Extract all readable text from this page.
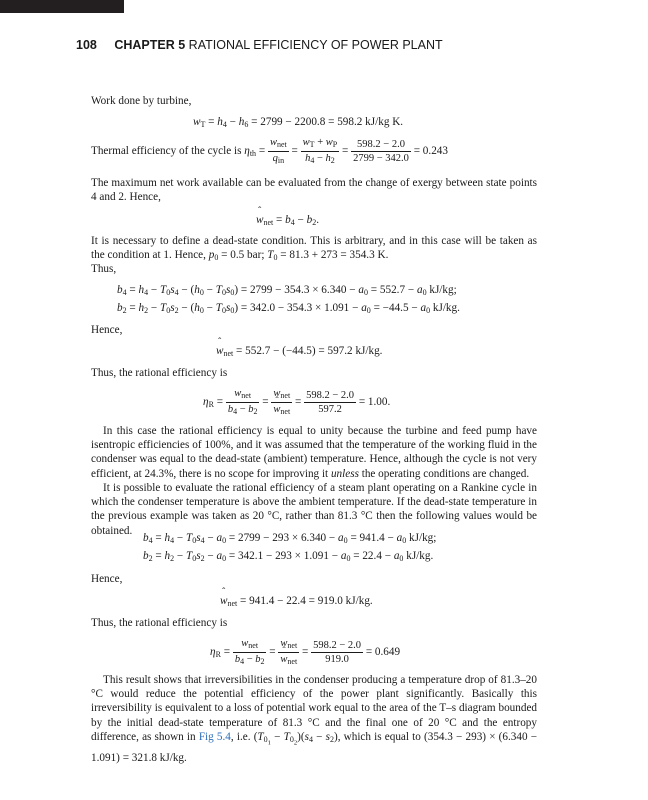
108 CHAPTER 5 RATIONAL EFFICIENCY OF POWER PLANT
Work done by turbine,
$w_T = h_4 - h_6 = 2799 - 2200.8 = 598.2$ kJ/kg K.
Thermal efficiency of the cycle is $\eta_{th} = \frac{w_{net}}{q_{in}} = \frac{w_T + w_P}{h_4 - h_2} = \frac{598.2 - 2.0}{2799 - 342.0} = 0.243$
The maximum net work available can be evaluated from the change of exergy between state points 4 and 2. Hence,
ˆ $w_{net} = b_4 - b_2$.
It is necessary to define a dead-state condition. This is arbitrary, and in this case will be taken as the condition at 1. Hence, $p_0 = 0.5$ bar; $T_0 = 81.3 + 273 = 354.3$ K.
Thus,
$b_4 = h_4 - T_0s_4 - (h_0 - T_0s_0) = 2799 - 354.3 \times 6.340 - a_0 = 552.7 - a_0$ kJ/kg;
$b_2 = h_2 - T_0s_2 - (h_0 - T_0s_0) = 342.0 - 354.3 \times 1.091 - a_0 = -44.5 - a_0$ kJ/kg.
Hence,
ˆ $w_{net} = 552.7 - (-44.5) = 597.2$ kJ/kg.
Thus, the rational efficiency is
$\eta_R = \frac{w_{net}}{b_4 - b_2} = w_{net}$
ˆ $w_{net} = \frac{598.2 - 2.0}{597.2} = 1.00$.
In this case the rational efficiency is equal to unity because the turbine and feed pump have isentropic efficiencies of 100%, and it was assumed that the temperature of the working fluid in the condenser was equal to the dead-state (ambient) temperature. Hence, although the cycle is not very efficient, at 24.3%, there is no scope for improving it unless the operating conditions are changed.
It is possible to evaluate the rational efficiency of a steam plant operating on a Rankine cycle in which the condenser temperature is above the ambient temperature. If the dead-state temperature in the previous example was taken as 20 °C, rather than 81.3 °C then the following values would be obtained.
$b_4 = h_4 - T_0s_4 - a_0 = 2799 - 293 \times 6.340 - a_0 = 941.4 - a_0$ kJ/kg;
$b_2 = h_2 - T_0s_2 - a_0 = 342.1 - 293 \times 1.091 - a_0 = 22.4 - a_0$ kJ/kg.
Hence,
ˆ $w_{net} = 941.4 - 22.4 = 919.0$ kJ/kg.
Thus, the rational efficiency is
$\eta_R = \frac{w_{net}}{b_4 - b_2} = w_{net}$
ˆ $w_{net} = \frac{598.2 - 2.0}{919.0} = 0.649$
This result shows that irreversibilities in the condenser producing a temperature drop of 81.3–20 °C would reduce the potential efficiency of the power plant significantly. Basically this irreversibility is equivalent to a loss of potential work equal to the area of the T–s diagram bounded by the initial dead-state temperature of 81.3 °C and the final one of 20 °C and the entropy difference, as shown in Fig 5.4, i.e. $(T_{0_1} - T_{0_2})(s_4 - s_2)$, which is equal to (354.3 − 293) × (6.340 − 1.091) = 321.8 kJ/kg.
